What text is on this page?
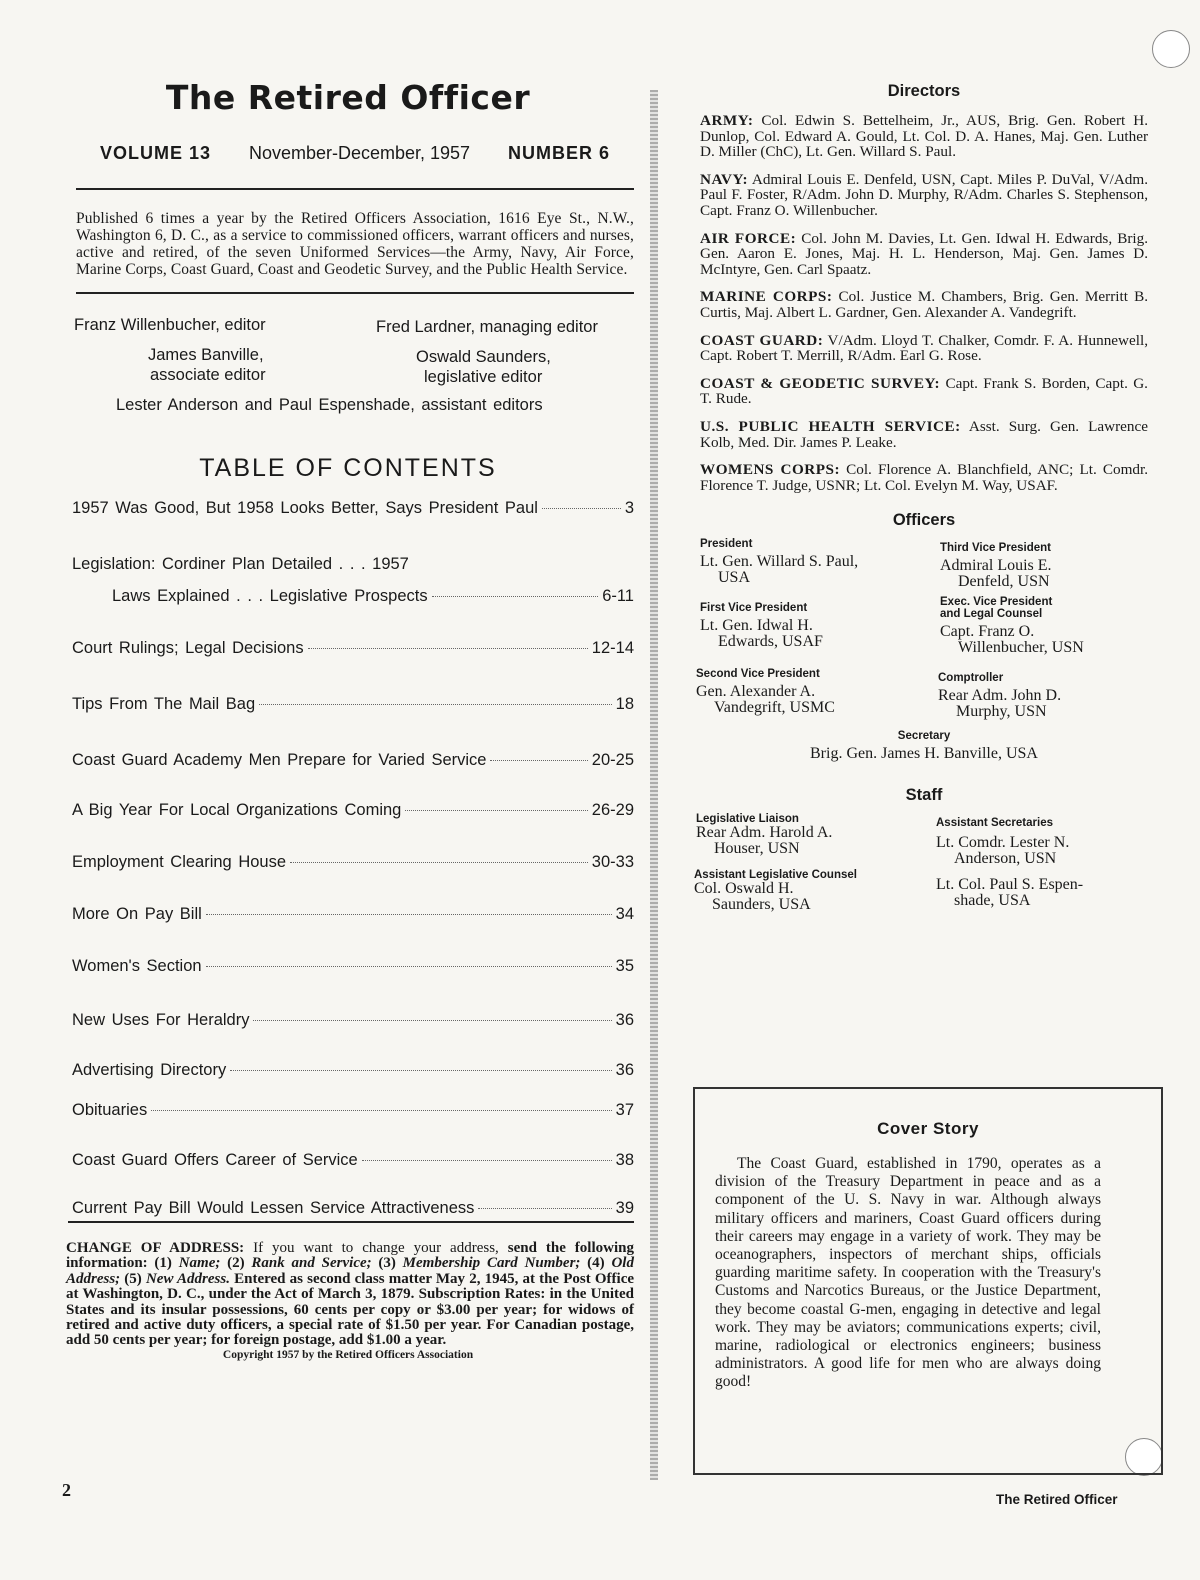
The Retired Officer
VOLUME 13 November-December, 1957 NUMBER 6
Published 6 times a year by the Retired Officers Association, 1616 Eye St., N.W., Washington 6, D. C., as a service to commissioned officers, warrant officers and nurses, active and retired, of the seven Uniformed Services—the Army, Navy, Air Force, Marine Corps, Coast Guard, Coast and Geodetic Survey, and the Public Health Service.
Franz Willenbucher, editor	Fred Lardner, managing editor
James Banville,
associate editor
Oswald Saunders,
legislative editor
Lester Anderson and Paul Espenshade, assistant editors
TABLE OF CONTENTS
1957 Was Good, But 1958 Looks Better, Says President Paul	3
Legislation: Cordiner Plan Detailed . . . 1957
Laws Explained . . . Legislative Prospects	6-11
Court Rulings; Legal Decisions	12-14
Tips From The Mail Bag	18
Coast Guard Academy Men Prepare for Varied Service	20-25
A Big Year For Local Organizations Coming	26-29
Employment Clearing House	30-33
More On Pay Bill	34
Women's Section	35
New Uses For Heraldry	36
Advertising Directory	36
Obituaries	37
Coast Guard Offers Career of Service	38
Current Pay Bill Would Lessen Service Attractiveness	39
CHANGE OF ADDRESS: If you want to change your address, send the following information: (1) Name; (2) Rank and Service; (3) Membership Card Number; (4) Old Address; (5) New Address. Entered as second class matter May 2, 1945, at the Post Office at Washington, D. C., under the Act of March 3, 1879. Subscription Rates: in the United States and its insular possessions, 60 cents per copy or $3.00 per year; for widows of retired and active duty officers, a special rate of $1.50 per year. For Canadian postage, add 50 cents per year; for foreign postage, add $1.00 a year.
Copyright 1957 by the Retired Officers Association
2
Directors
ARMY: Col. Edwin S. Bettelheim, Jr., AUS, Brig. Gen. Robert H. Dunlop, Col. Edward A. Gould, Lt. Col. D. A. Hanes, Maj. Gen. Luther D. Miller (ChC), Lt. Gen. Willard S. Paul.
NAVY: Admiral Louis E. Denfeld, USN, Capt. Miles P. DuVal, V/Adm. Paul F. Foster, R/Adm. John D. Murphy, R/Adm. Charles S. Stephenson, Capt. Franz O. Willenbucher.
AIR FORCE: Col. John M. Davies, Lt. Gen. Idwal H. Edwards, Brig. Gen. Aaron E. Jones, Maj. H. L. Henderson, Maj. Gen. James D. McIntyre, Gen. Carl Spaatz.
MARINE CORPS: Col. Justice M. Chambers, Brig. Gen. Merritt B. Curtis, Maj. Albert L. Gardner, Gen. Alexander A. Vandegrift.
COAST GUARD: V/Adm. Lloyd T. Chalker, Comdr. F. A. Hunnewell, Capt. Robert T. Merrill, R/Adm. Earl G. Rose.
COAST & GEODETIC SURVEY: Capt. Frank S. Borden, Capt. G. T. Rude.
U.S. PUBLIC HEALTH SERVICE: Asst. Surg. Gen. Lawrence Kolb, Med. Dir. James P. Leake.
WOMENS CORPS: Col. Florence A. Blanchfield, ANC; Lt. Comdr. Florence T. Judge, USNR; Lt. Col. Evelyn M. Way, USAF.
Officers
President
Lt. Gen. Willard S. Paul,
USA
Third Vice President
Admiral Louis E.
Denfeld, USN
First Vice President
Lt. Gen. Idwal H.
Edwards, USAF
Exec. Vice President
and Legal Counsel
Capt. Franz O.
Willenbucher, USN
Second Vice President
Gen. Alexander A.
Vandegrift, USMC
Comptroller
Rear Adm. John D.
Murphy, USN
Secretary
Brig. Gen. James H. Banville, USA
Staff
Legislative Liaison
Rear Adm. Harold A.
Houser, USN
Assistant Secretaries
Lt. Comdr. Lester N.
Anderson, USN
Assistant Legislative Counsel
Col. Oswald H.
Saunders, USA
Lt. Col. Paul S. Espen-
shade, USA
Cover Story
The Coast Guard, established in 1790, operates as a division of the Treasury Department in peace and as a component of the U. S. Navy in war. Although always military officers and mariners, Coast Guard officers during their careers may engage in a variety of work. They may be oceanographers, inspectors of merchant ships, officials guarding maritime safety. In cooperation with the Treasury's Customs and Narcotics Bureaus, or the Justice Department, they become coastal G-men, engaging in detective and legal work. They may be aviators; communications experts; civil, marine, radiological or electronics engineers; business administrators. A good life for men who are always doing good!
The Retired Officer
